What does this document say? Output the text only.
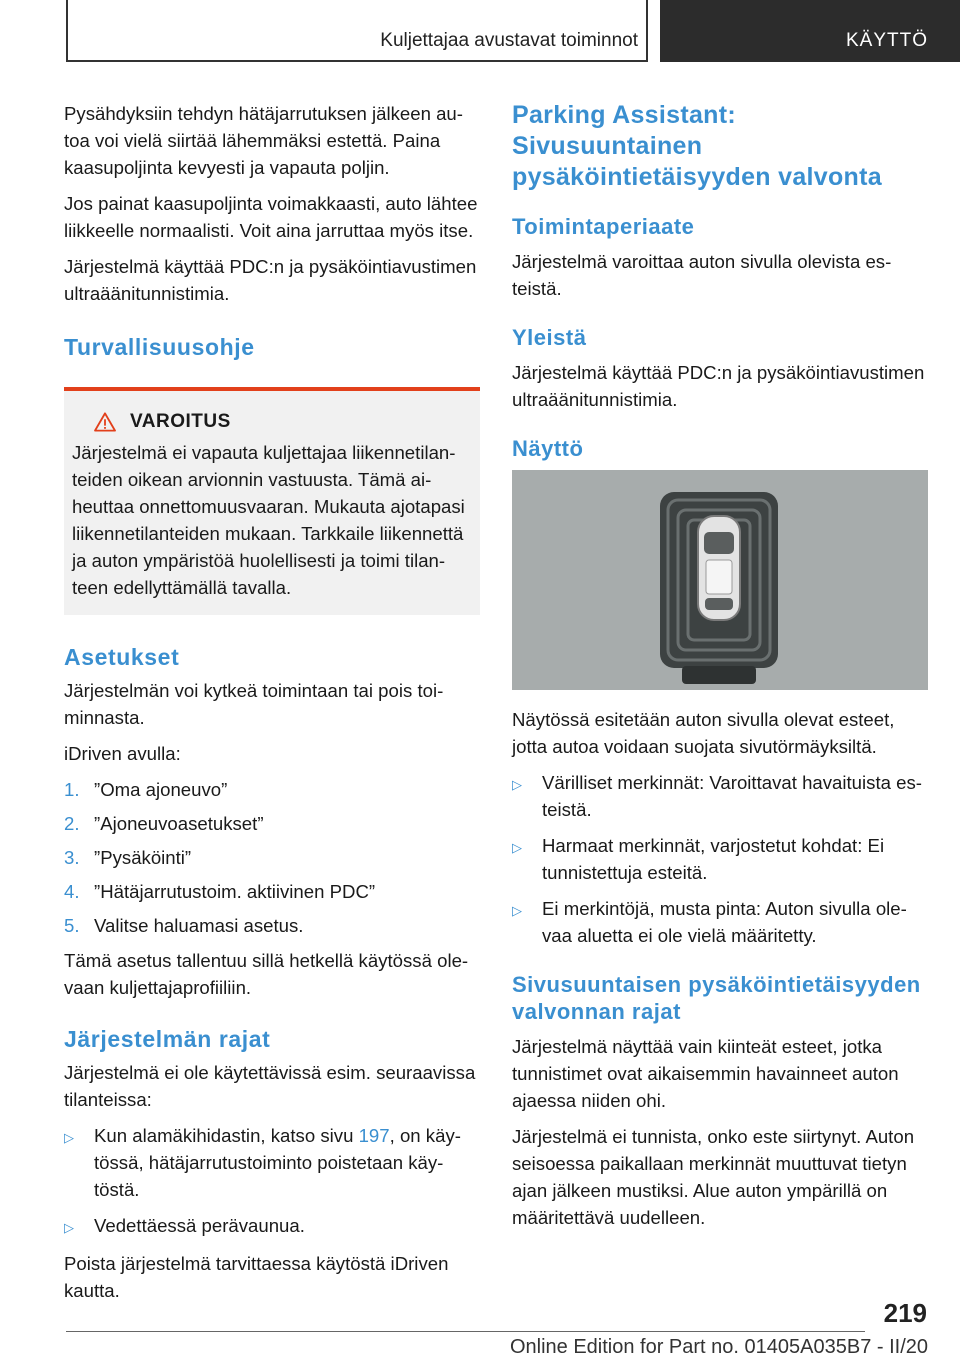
Kuljettajaa avustavat toiminnot	KÄYTTÖ

Pysähdyksiin tehdyn hätäjarrutuksen jälkeen autoa voi vielä siirtää lähemmäksi estettä. Paina kaasupoljinta kevyesti ja vapauta poljin.

Jos painat kaasupoljinta voimakkaasti, auto lähtee liikkeelle normaalisti. Voit aina jarruttaa myös itse.

Järjestelmä käyttää PDC:n ja pysäköintiavustimen ultraäänitunnistimia.

Turvallisuusohje
VAROITUS

Järjestelmä ei vapauta kuljettajaa liikennetilanteiden oikean arvionnin vastuusta. Tämä aiheuttaa onnettomuusvaaran. Mukauta ajotapasi liikennetilanteiden mukaan. Tarkkaile liikennettä ja auton ympäristöä huolellisesti ja toimi tilanteen edellyttämällä tavalla.

Asetukset

Järjestelmän voi kytkeä toimintaan tai pois toiminnasta.

iDriven avulla:

1. ”Oma ajoneuvo”
2. ”Ajoneuvoasetukset”
3. ”Pysäköinti”
4. ”Hätäjarrutustoim. aktiivinen PDC”
5. Valitse haluamasi asetus.

Tämä asetus tallentuu sillä hetkellä käytössä olevaan kuljettajaprofiiliin.

Järjestelmän rajat

Järjestelmä ei ole käytettävissä esim. seuraavissa tilanteissa:

▷	Kun alamäkihidastin, katso sivu 197, on käytössä, hätäjarrutustoiminto poistetaan käytöstä.
▷	Vedettäessä perävaunua.

Poista järjestelmä tarvittaessa käytöstä iDriven kautta.

Parking Assistant: Sivusuuntainen pysäköintietäisyyden valvonta
Toimintaperiaate

Järjestelmä varoittaa auton sivulla olevista esteistä.

Yleistä

Järjestelmä käyttää PDC:n ja pysäköintiavustimen ultraäänitunnistimia.

Näyttö

Näytössä esitetään auton sivulla olevat esteet, jotta autoa voidaan suojata sivutörmäyksiltä.

▷	Värilliset merkinnät: Varoittavat havaituista esteistä.
▷	Harmaat merkinnät, varjostetut kohdat: Ei tunnistettuja esteitä.
▷	Ei merkintöjä, musta pinta: Auton sivulla olevaa aluetta ei ole vielä määritetty.
Sivusuuntaisen pysäköintietäisyyden valvonnan rajat

Järjestelmä näyttää vain kiinteät esteet, jotka tunnistimet ovat aikaisemmin havainneet auton ajaessa niiden ohi.

Järjestelmä ei tunnista, onko este siirtynyt. Auton seisoessa paikallaan merkinnät muuttuvat tietyn ajan jälkeen mustiksi. Alue auton ympärillä on määritettävä uudelleen.

219
Online Edition for Part no. 01405A035B7 - II/20
